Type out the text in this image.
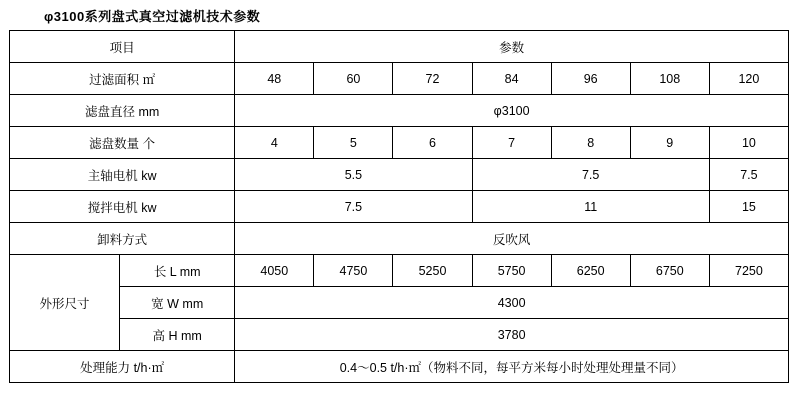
φ3100系列盘式真空过滤机技术参数
项目		参数						
过滤面积 ㎡		48	60	72	84	96	108	120
滤盘直径 mm		φ3100						
滤盘数量 个		4	5	6	7	8	9	10
主轴电机 kw		5.5			7.5			7.5
搅拌电机 kw		7.5			11			15
卸料方式		反吹风						
外形尺寸	长 L mm	4050	4750	5250	5750	6250	6750	7250
	宽 W mm	4300						
	高 H mm	3780						
处理能力 t/h·㎡		0.4～0.5 t/h·㎡（物料不同，每平方米每小时处理处理量不同）						
